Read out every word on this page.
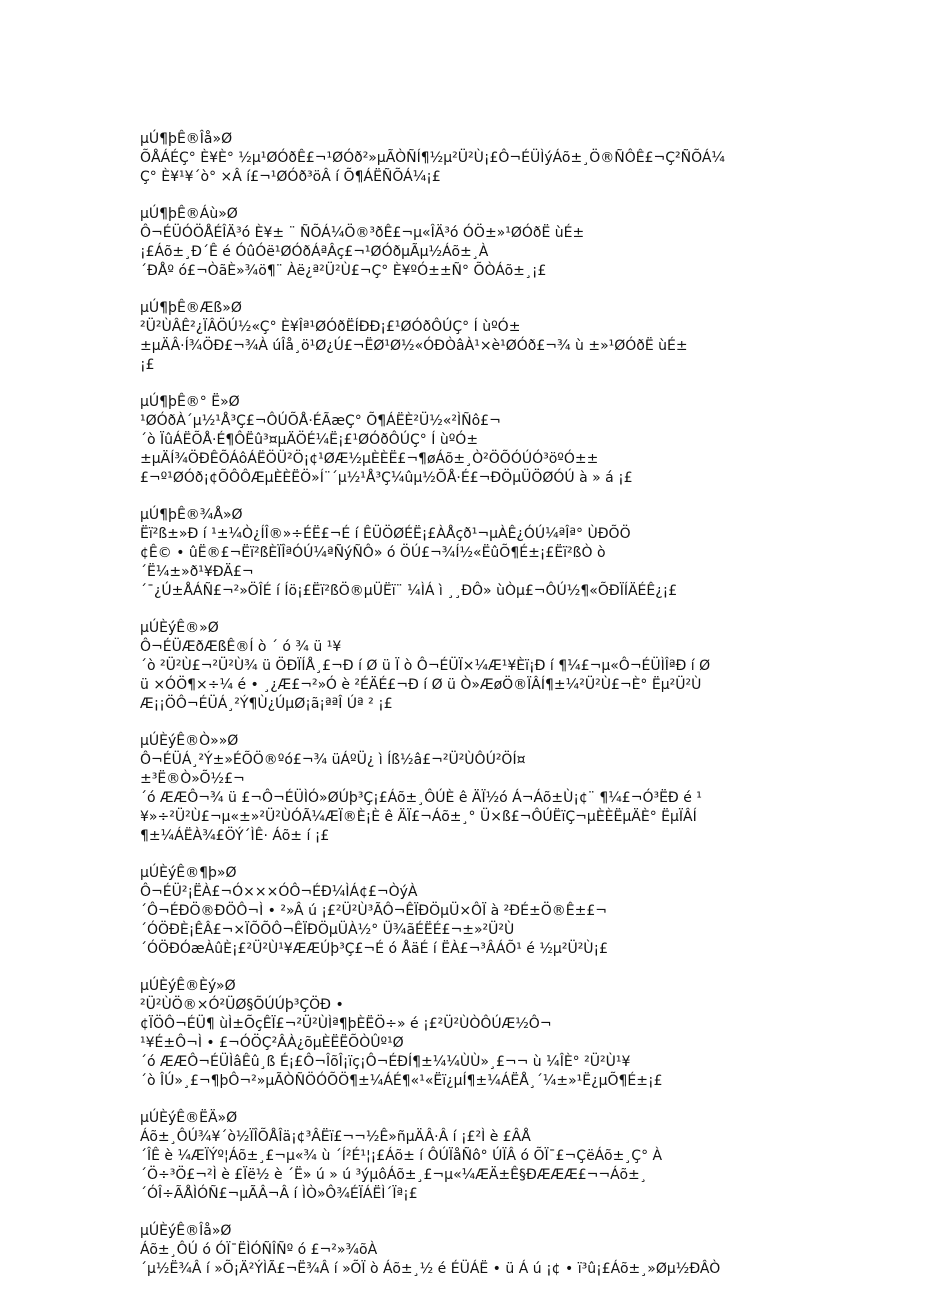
µÚ¶þÊ®Îå»Ø
ÕÅÁÉÇ° È¥È° ½µ¹ØÓðÊ£¬¹ØÓð²»µÃÒÑÍ¶½µ²Ü²Ù¡£Ô¬ÉÜÌýÁõ±¸Ö®ÑÔÊ£¬Ç²ÑÕÁ¼
Ç° È¥¹¥´ò° ×Â í£¬¹ØÓð³öÂ í Õ¶ÁËÑÕÁ¼¡£

µÚ¶þÊ®Áù»Ø
Ô¬ÉÜÓÖÅÉÎÄ³ó È¥± ¨ ÑÕÁ¼Ö®³ðÊ£¬µ«ÎÄ³ó ÓÖ±»¹ØÓðË ùÉ±
¡£Áõ±¸Ð´Ê é ÓûÓë¹ØÓðÁªÂç£¬¹ØÓðµÃµ½Áõ±¸À
´ÐÅº ó£¬ÒãÈ»¾ö¶¨ Àë¿ª²Ü²Ù£¬Ç° È¥ºÓ±±Ñ° ÕÒÁõ±¸¡£

µÚ¶þÊ®Æß»Ø
²Ü²ÙÂÊ²¿ÏÂÖÚ½«Ç° È¥Îª¹ØÓðËÍÐÐ¡£¹ØÓðÔÚÇ° Í ùºÓ±
±µÄÂ·Í¾ÖÐ£¬¾À úÎå¸ö¹Ø¿Ú£¬ËØ¹Ø½«ÓÐÒâÀ¹×è¹ØÓð£¬¾ ù ±»¹ØÓðË ùÉ±
¡£

µÚ¶þÊ®° Ë»Ø
¹ØÓðÀ´µ½¹Å³Ç£¬ÔÚÕÅ·ÉÃæÇ° Õ¶ÁËÈ²Ü½«²ÌÑô£¬
´ò ÏûÁËÕÅ·É¶ÔËû³¤µÄÖÉ¼Ë¡£¹ØÓðÔÚÇ° Í ùºÓ±
±µÄÍ¾ÖÐÊÕÁôÁËÖÜ²Ö¡¢¹ØÆ½µÈÈË£¬¶øÁõ±¸Ò²ÖÕÓÚÓ³öºÓ±±
£¬º¹ØÓð¡¢ÕÔÔÆµÈÈËÖ»Í¨´µ½¹Å³Ç¼ûµ½ÕÅ·É£¬ÐÖµÜÖØÓÚ à » á ¡£

µÚ¶þÊ®¾Å»Ø
Ëï²ß±»Ð í ¹±¼Ò¿ÍÎ®»÷ÉË£¬É í ÊÜÖØÉË¡£ÀÅçð¹¬µÀÊ¿ÓÚ¼ªÎª° ÙÐÕÖ
¢Ê© • ûË®£¬Ëï²ßÈÏÎªÓÚ¼ªÑýÑÔ» ó ÖÚ£¬¾Í½«ËûÕ¶É±¡£Ëï²ßÒ ò
´Ë¼±»ð¹¥ÐÄ£¬
´¯¿Ú±ÅÁÑ£¬²»ÖÎÉ í Íö¡£Ëï²ßÖ®µÜËï¨ ¼ÌÁ ì ¸¸ÐÔ» ùÒµ£¬ÔÚ½¶«ÕÐÏÍÄÉÊ¿¡£

µÚÈýÊ®»Ø
Ô¬ÉÜÆðÆßÊ®Í ò ´ ó ¾ ü ¹¥
´ò ²Ü²Ù£¬²Ü²Ù¾ ü ÖÐÏÍÅ¸£¬Ð í Ø ü Ï ò Ô¬ÉÜÏ×¼Æ¹¥Èï¡Ð í ¶¼£¬µ«Ô¬ÉÜÌÎªÐ í Ø
ü ×ÓÖ¶×÷¼ é • ¸¿Æ£¬²»Ó è ²ÉÄÉ£¬Ð í Ø ü Ò»ÆøÖ®ÏÂÍ¶±¼²Ü²Ù£¬È° Ëµ²Ü²Ù
Æ¡¡ÖÔ¬ÉÜÁ¸²Ý¶Ù¿ÚµØ¡ã¡ªªÎ Úª ² ¡£

µÚÈýÊ®Ò»»Ø
Ô¬ÉÜÁ¸²Ý±»ÉÕÖ®ºó£¬¾ üÁºÜ¿ ì Íß½â£¬²Ü²ÙÔÚ²ÖÍ¤
±³Ë®Ò»Õ½£¬
´ó ÆÆÔ¬¾ ü £¬Ô¬ÉÜÌÓ»ØÚþ³Ç¡£Áõ±¸ÔÚÈ ê ÄÏ½ó Á¬Áõ±Ù¡¢¨ ¶¼£¬Ó³ËÐ é ¹
¥»÷²Ü²Ù£¬µ«±»²Ü²ÙÓÃ¼ÆÏ®È¡È ê ÄÏ£¬Áõ±¸° Ü×ß£¬ÔÚËïÇ¬µÈÈËµÄÈ° ËµÏÂÍ
¶±¼ÁËÀ¾£ÖÝ´ÌÊ· Áõ± í ¡£

µÚÈýÊ®¶þ»Ø
Ô¬ÉÜ²¡ËÀ£¬Ó×××ÓÔ¬ÉÐ¼ÌÁ¢£¬ÒýÀ
´Ô¬ÉÐÖ®ÐÖÔ¬Ì • ²»Â ú ¡£²Ü²Ù³ÃÔ¬ÊÏÐÖµÜ×ÔÏ à ²ÐÉ±Ö®Ê±£¬
´ÓÖÐÈ¡ÊÂ£¬×ÏÕÕÔ¬ÊÏÐÖµÜÀ½° Ü¾ãÉËÉ£¬±»²Ü²Ù
´ÓÖÐÓæÀûÈ¡£²Ü²Ù¹¥ÆÆÚþ³Ç£¬É ó ÅäÉ í ËÀ£¬³ÂÁÕ¹ é ½µ²Ü²Ù¡£

µÚÈýÊ®Èý»Ø
²Ü²ÙÖ®×Ó²ÜØ§ÕÚÚþ³ÇÖÐ •
¢ÏÖÔ¬ÉÜ¶ ùÌ±ÕçÊÏ£¬²Ü²ÙÌª¶þÈËÖ÷» é ¡£²Ü²ÙÒÔÚÆ½Ô¬
¹¥É±Ô¬Ì • £¬ÓÖÇ²ÂÀ¿õµÈËËÕÒÛº¹Ø
´ó ÆÆÔ¬ÉÜÌâÊû¸ß É¡£Ô¬ÎõÎ¡ïç¡Ô¬ÉÐÍ¶±¼¼ÙÙ»¸£¬¬ ù ¼ÎÈ° ²Ü²Ù¹¥
´ò ÎÚ»¸£¬¶þÔ¬²»µÃÒÑÖÓÕÖ¶±¼ÁÉ¶«¹«Ëï¿µÍ¶±¼ÁËÅ¸´¼±»¹Ë¿µÕ¶É±¡£

µÚÈýÊ®ËÄ»Ø
Áõ±¸ÔÚ¾¥´ò½ÏÎÕÅÎä¡¢³ÂËï£¬¬½Ê»ñµÄÂ·Â í ¡£²Ì è £ÂÅ
´ÎÊ è ¼ÆÏÝº¦Áõ±¸£¬µ«¾ ù ´Í²É¹¦¡£Áõ± í ÔÚÏåÑô° ÚÏÂ ó ÕÏ¯£¬ÇëÁõ±¸Ç° À
´Ö÷³Ö£¬²Ì è £Ïë½ è ´Ë» ú » ú ³ýµôÁõ±¸£¬µ«¼ÆÄ±Ê§ÐÆÆÆ£¬¬Áõ±¸
´ÓÎ÷ÃÅÌÓÑ£¬µÃÂ¬Â í ÌÒ»Ô¾ÉÏÁËÌ´Ïª¡£

µÚÈýÊ®Îå»Ø
Áõ±¸ÔÚ ó ÓÏ¯ËÌÓÑÎÑº ó £¬²»¾õÀ
´µ½Ë¾Â í »Õ¡Ä²ÝÌÃ£¬Ë¾Â í »ÕÏ ò Áõ±¸½ é ÉÜÁË • ü Á ú ¡¢ • ï³û¡£Áõ±¸»Øµ½ÐÂÒ
